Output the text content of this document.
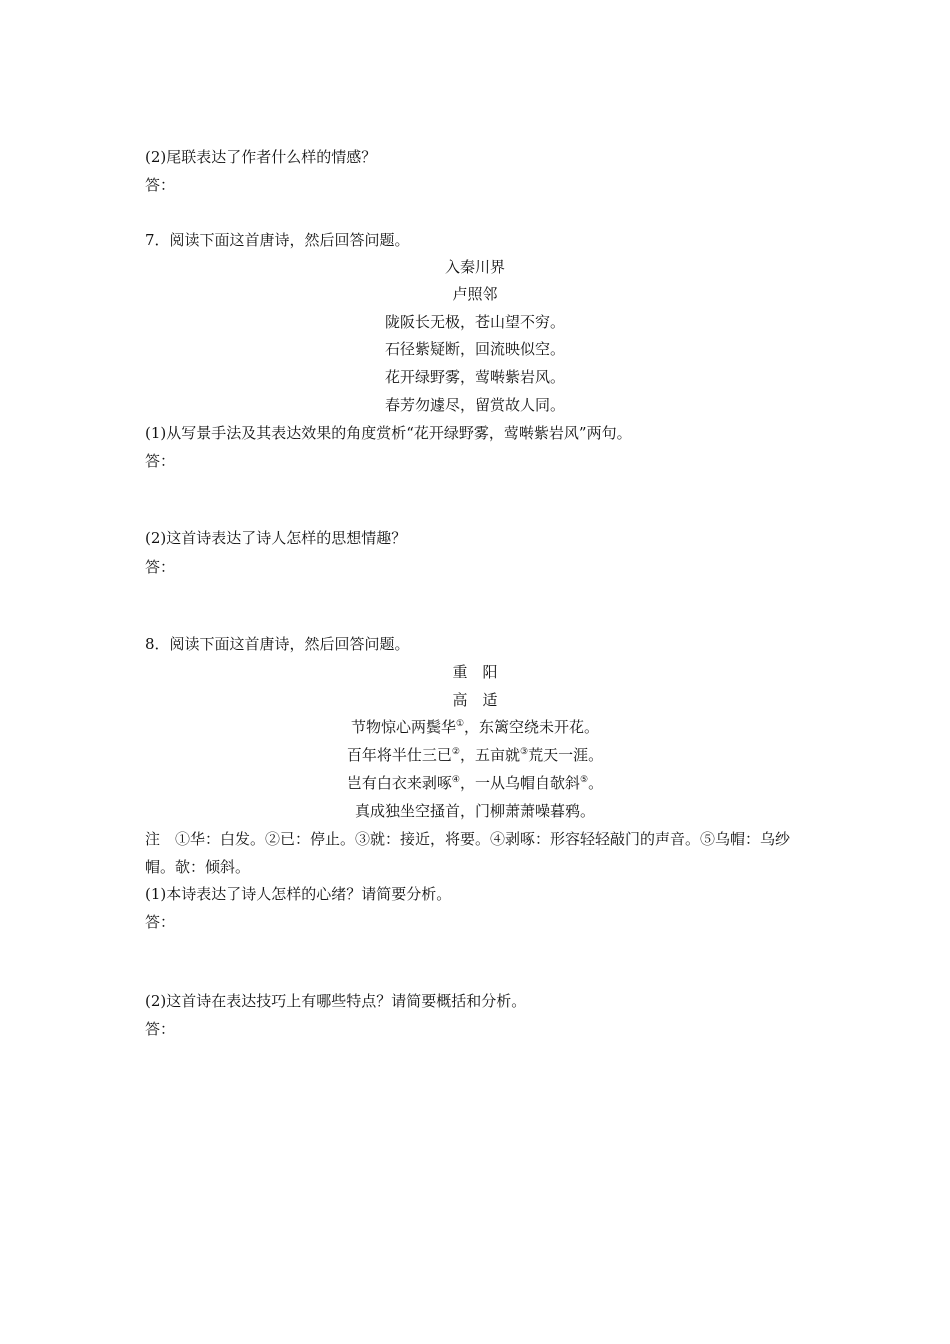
(2)尾联表达了作者什么样的情感？
答：
7．阅读下面这首唐诗，然后回答问题。
入秦川界
卢照邻
陇阪长无极，苍山望不穷。
石径紫疑断，回流映似空。
花开绿野雾，莺啭紫岩风。
春芳勿遽尽，留赏故人同。
(1)从写景手法及其表达效果的角度赏析“花开绿野雾，莺啭紫岩风”两句。
答：
(2)这首诗表达了诗人怎样的思想情趣？
答：
8．阅读下面这首唐诗，然后回答问题。
重　阳
高　适
节物惊心两鬓华①，东篱空绕未开花。
百年将半仕三已②，五亩就③荒天一涯。
岂有白衣来剥啄④，一从乌帽自欹斜⑤。
真成独坐空搔首，门柳萧萧噪暮鸦。
注　①华：白发。②已：停止。③就：接近，将要。④剥啄：形容轻轻敲门的声音。⑤乌帽：乌纱
帽。欹：倾斜。
(1)本诗表达了诗人怎样的心绪？请简要分析。
答：
(2)这首诗在表达技巧上有哪些特点？请简要概括和分析。
答：
